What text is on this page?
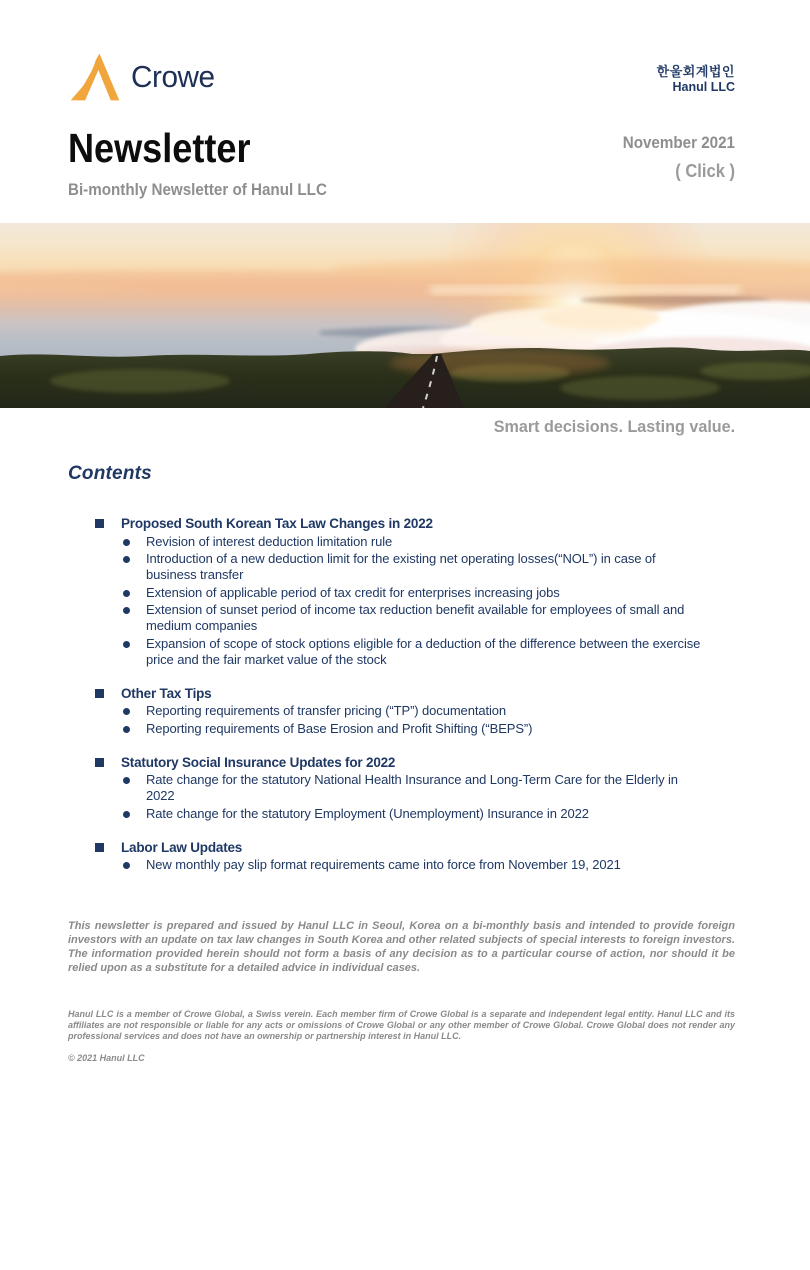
Crowe	한울회계법인
Hanul LLC
Newsletter
Bi-monthly Newsletter of Hanul LLC
November 2021
( Click )
Smart decisions. Lasting value.
Contents
Proposed South Korean Tax Law Changes in 2022
Revision of interest deduction limitation rule
Introduction of a new deduction limit for the existing net operating losses(“NOL”) in case of business transfer
Extension of applicable period of tax credit for enterprises increasing jobs
Extension of sunset period of income tax reduction benefit available for employees of small and medium companies
Expansion of scope of stock options eligible for a deduction of the difference between the exercise price and the fair market value of the stock
Other Tax Tips
Reporting requirements of transfer pricing (“TP”) documentation
Reporting requirements of Base Erosion and Profit Shifting (“BEPS”)
Statutory Social Insurance Updates for 2022
Rate change for the statutory National Health Insurance and Long-Term Care for the Elderly in 2022
Rate change for the statutory Employment (Unemployment) Insurance in 2022
Labor Law Updates
New monthly pay slip format requirements came into force from November 19, 2021
This newsletter is prepared and issued by Hanul LLC in Seoul, Korea on a bi-monthly basis and intended to provide foreign investors with an update on tax law changes in South Korea and other related subjects of special interests to foreign investors. The information provided herein should not form a basis of any decision as to a particular course of action, nor should it be relied upon as a substitute for a detailed advice in individual cases.
Hanul LLC is a member of Crowe Global, a Swiss verein. Each member firm of Crowe Global is a separate and independent legal entity. Hanul LLC and its affiliates are not responsible or liable for any acts or omissions of Crowe Global or any other member of Crowe Global. Crowe Global does not render any professional services and does not have an ownership or partnership interest in Hanul LLC.
© 2021 Hanul LLC
